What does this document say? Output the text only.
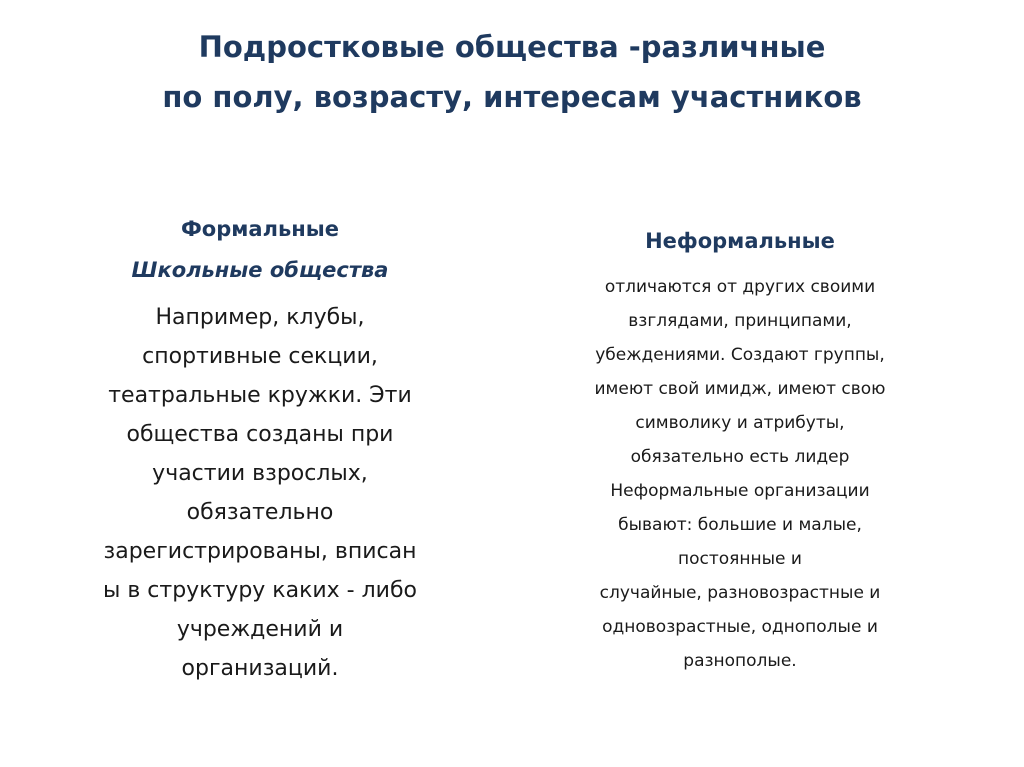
Подростковые общества -различные
по полу, возрасту, интересам участников
Формальные
Школьные общества
Например, клубы,
спортивные секции,
театральные кружки. Эти
общества созданы при
участии взрослых,
обязательно
зарегистрированы, вписан
ы в структуру каких - либо
учреждений и
организаций.
Неформальные
отличаются от других своими
взглядами, принципами,
убеждениями. Создают группы,
имеют свой имидж, имеют свою
символику и атрибуты,
обязательно есть лидер
Неформальные организации
бывают: большие и малые,
постоянные и
случайные, разновозрастные и
одновозрастные, однополые и
разнополые.
